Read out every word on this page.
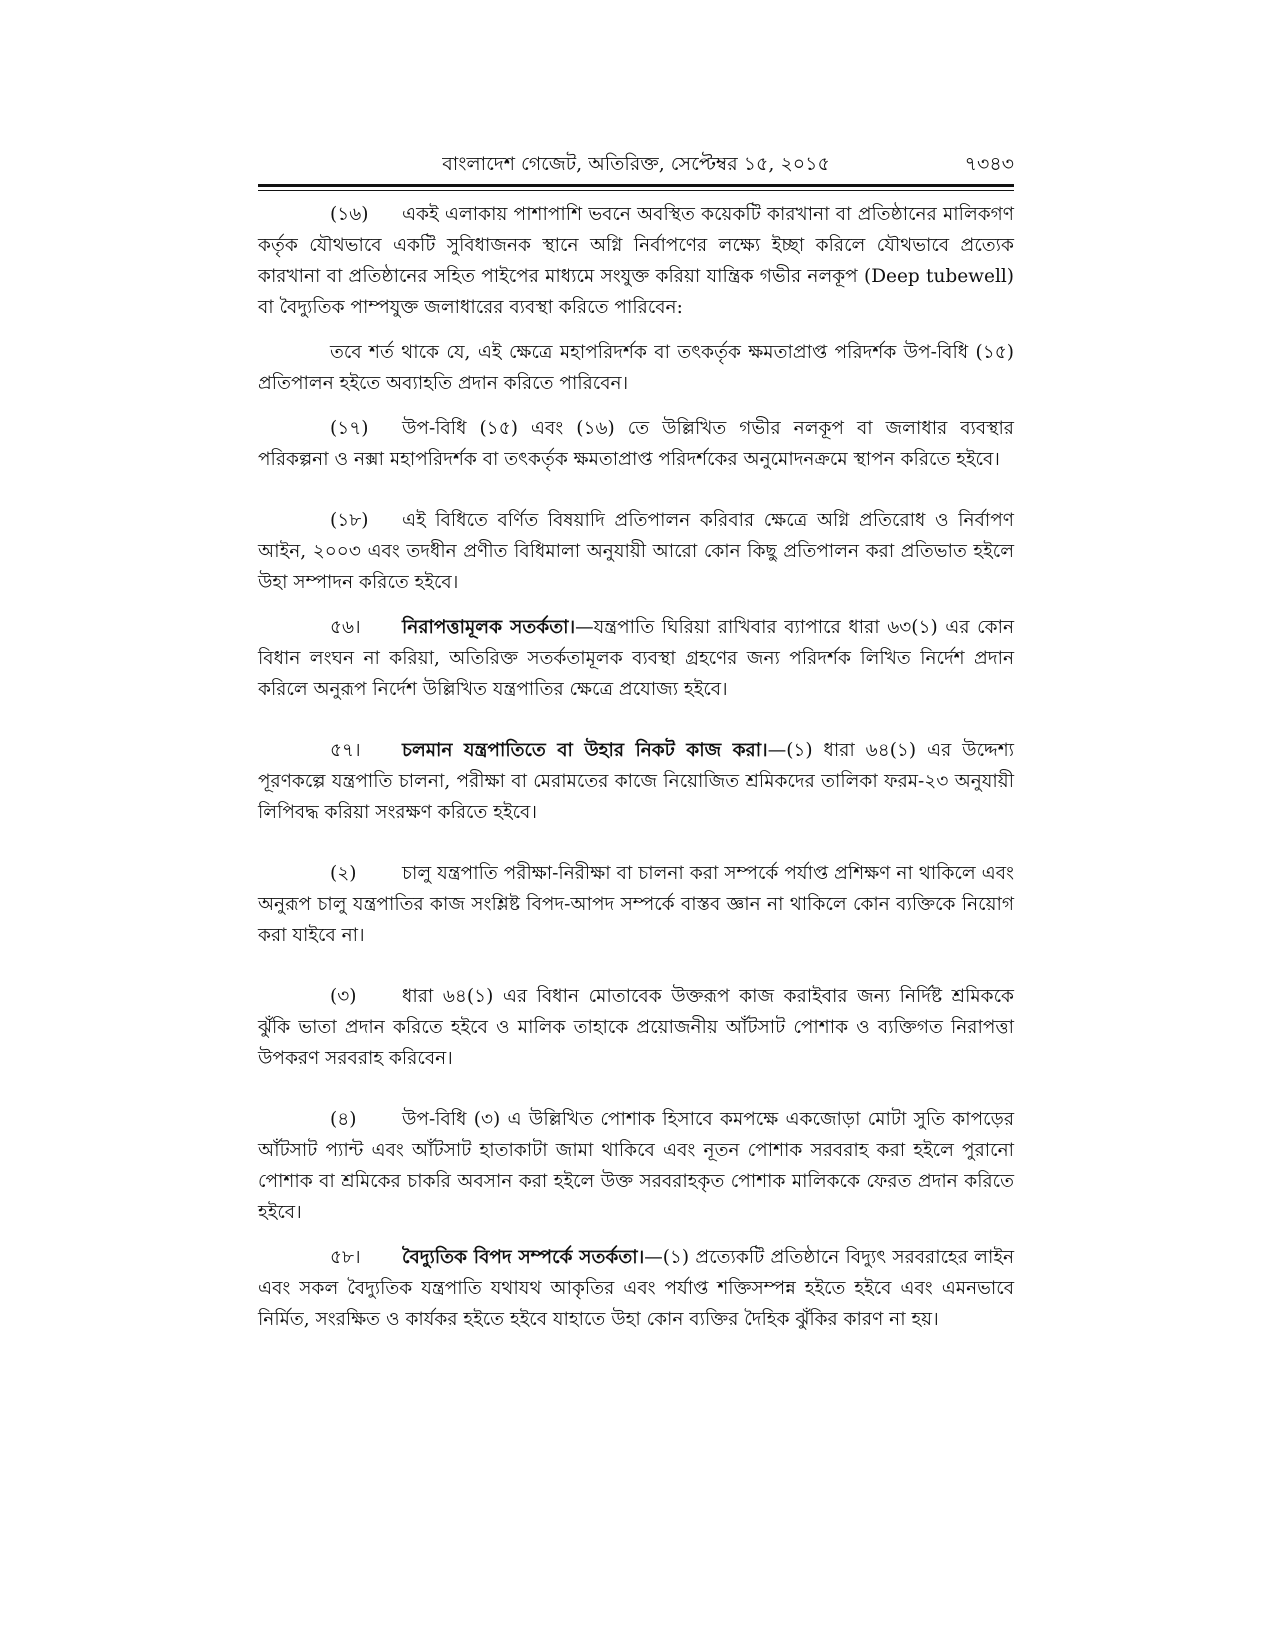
বাংলাদেশ গেজেট, অতিরিক্ত, সেপ্টেম্বর ১৫, ২০১৫	৭৩৪৩

(১৬) একই এলাকায় পাশাপাশি ভবনে অবস্থিত কয়েকটি কারখানা বা প্রতিষ্ঠানের মালিকগণ কর্তৃক যৌথভাবে একটি সুবিধাজনক স্থানে অগ্নি নির্বাপণের লক্ষ্যে ইচ্ছা করিলে যৌথভাবে প্রত্যেক কারখানা বা প্রতিষ্ঠানের সহিত পাইপের মাধ্যমে সংযুক্ত করিয়া যান্ত্রিক গভীর নলকূপ (Deep tubewell) বা বৈদ্যুতিক পাম্পযুক্ত জলাধারের ব্যবস্থা করিতে পারিবেন:

তবে শর্ত থাকে যে, এই ক্ষেত্রে মহাপরিদর্শক বা তৎকর্তৃক ক্ষমতাপ্রাপ্ত পরিদর্শক উপ-বিধি (১৫) প্রতিপালন হইতে অব্যাহতি প্রদান করিতে পারিবেন।

(১৭) উপ-বিধি (১৫) এবং (১৬) তে উল্লিখিত গভীর নলকূপ বা জলাধার ব্যবস্থার পরিকল্পনা ও নক্সা মহাপরিদর্শক বা তৎকর্তৃক ক্ষমতাপ্রাপ্ত পরিদর্শকের অনুমোদনক্রমে স্থাপন করিতে হইবে।

(১৮) এই বিধিতে বর্ণিত বিষয়াদি প্রতিপালন করিবার ক্ষেত্রে অগ্নি প্রতিরোধ ও নির্বাপণ আইন, ২০০৩ এবং তদধীন প্রণীত বিধিমালা অনুযায়ী আরো কোন কিছু প্রতিপালন করা প্রতিভাত হইলে উহা সম্পাদন করিতে হইবে।

৫৬। নিরাপত্তামূলক সতর্কতা।—যন্ত্রপাতি ঘিরিয়া রাখিবার ব্যাপারে ধারা ৬৩(১) এর কোন বিধান লংঘন না করিয়া, অতিরিক্ত সতর্কতামূলক ব্যবস্থা গ্রহণের জন্য পরিদর্শক লিখিত নির্দেশ প্রদান করিলে অনুরূপ নির্দেশ উল্লিখিত যন্ত্রপাতির ক্ষেত্রে প্রযোজ্য হইবে।

৫৭। চলমান যন্ত্রপাতিতে বা উহার নিকট কাজ করা।—(১) ধারা ৬৪(১) এর উদ্দেশ্য পূরণকল্পে যন্ত্রপাতি চালনা, পরীক্ষা বা মেরামতের কাজে নিয়োজিত শ্রমিকদের তালিকা ফরম-২৩ অনুযায়ী লিপিবদ্ধ করিয়া সংরক্ষণ করিতে হইবে।

(২) চালু যন্ত্রপাতি পরীক্ষা-নিরীক্ষা বা চালনা করা সম্পর্কে পর্যাপ্ত প্রশিক্ষণ না থাকিলে এবং অনুরূপ চালু যন্ত্রপাতির কাজ সংশ্লিষ্ট বিপদ-আপদ সম্পর্কে বাস্তব জ্ঞান না থাকিলে কোন ব্যক্তিকে নিয়োগ করা যাইবে না।

(৩) ধারা ৬৪(১) এর বিধান মোতাবেক উক্তরূপ কাজ করাইবার জন্য নির্দিষ্ট শ্রমিককে ঝুঁকি ভাতা প্রদান করিতে হইবে ও মালিক তাহাকে প্রয়োজনীয় আঁটসাট পোশাক ও ব্যক্তিগত নিরাপত্তা উপকরণ সরবরাহ করিবেন।

(৪) উপ-বিধি (৩) এ উল্লিখিত পোশাক হিসাবে কমপক্ষে একজোড়া মোটা সুতি কাপড়ের আঁটসাট প্যান্ট এবং আঁটসাট হাতাকাটা জামা থাকিবে এবং নূতন পোশাক সরবরাহ করা হইলে পুরানো পোশাক বা শ্রমিকের চাকরি অবসান করা হইলে উক্ত সরবরাহকৃত পোশাক মালিককে ফেরত প্রদান করিতে হইবে।

৫৮। বৈদ্যুতিক বিপদ সম্পর্কে সতর্কতা।—(১) প্রত্যেকটি প্রতিষ্ঠানে বিদ্যুৎ সরবরাহের লাইন এবং সকল বৈদ্যুতিক যন্ত্রপাতি যথাযথ আকৃতির এবং পর্যাপ্ত শক্তিসম্পন্ন হইতে হইবে এবং এমনভাবে নির্মিত, সংরক্ষিত ও কার্যকর হইতে হইবে যাহাতে উহা কোন ব্যক্তির দৈহিক ঝুঁকির কারণ না হয়।
